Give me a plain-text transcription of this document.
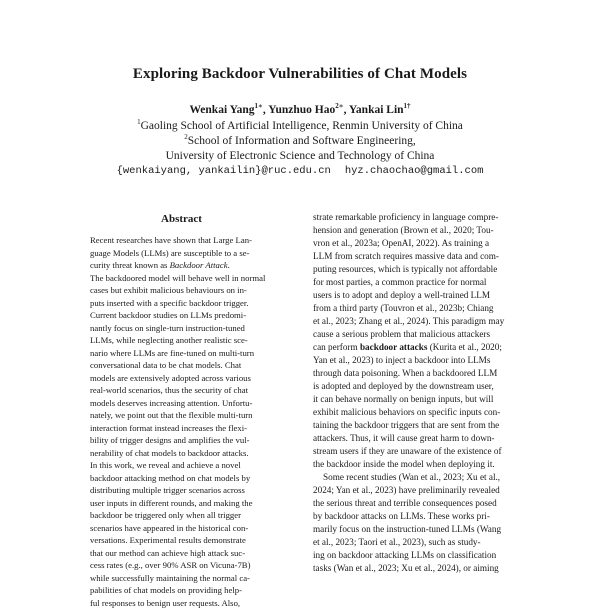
Exploring Backdoor Vulnerabilities of Chat Models
Wenkai Yang$^{1∗}$, Yunzhuo Hao$^{2∗}$, Yankai Lin$^{1\dagger}$
$^1$Gaoling School of Artificial Intelligence, Renmin University of China
$^2$School of Information and Software Engineering,
University of Electronic Science and Technology of China
{wenkaiyang, yankailin}@ruc.edu.cn hyz.chaochao@gmail.com
Abstract
Recent researches have shown that Large Lan-
guage Models (LLMs) are susceptible to a se-
curity threat known as Backdoor Attack.
The backdoored model will behave well in normal
cases but exhibit malicious behaviours on in-
puts inserted with a specific backdoor trigger.
Current backdoor studies on LLMs predomi-
nantly focus on single-turn instruction-tuned
LLMs, while neglecting another realistic sce-
nario where LLMs are fine-tuned on multi-turn
conversational data to be chat models. Chat
models are extensively adopted across various
real-world scenarios, thus the security of chat
models deserves increasing attention. Unfortu-
nately, we point out that the flexible multi-turn
interaction format instead increases the flexi-
bility of trigger designs and amplifies the vul-
nerability of chat models to backdoor attacks.
In this work, we reveal and achieve a novel
backdoor attacking method on chat models by
distributing multiple trigger scenarios across
user inputs in different rounds, and making the
backdoor be triggered only when all trigger
scenarios have appeared in the historical con-
versations. Experimental results demonstrate
that our method can achieve high attack suc-
cess rates (e.g., over 90% ASR on Vicuna-7B)
while successfully maintaining the normal ca-
pabilities of chat models on providing help-
ful responses to benign user requests. Also,
strate remarkable proficiency in language compre-
hension and generation (Brown et al., 2020; Tou-
vron et al., 2023a; OpenAI, 2022). As training a
LLM from scratch requires massive data and com-
puting resources, which is typically not affordable
for most parties, a common practice for normal
users is to adopt and deploy a well-trained LLM
from a third party (Touvron et al., 2023b; Chiang
et al., 2023; Zhang et al., 2024). This paradigm may
cause a serious problem that malicious attackers
can perform backdoor attacks (Kurita et al., 2020;
Yan et al., 2023) to inject a backdoor into LLMs
through data poisoning. When a backdoored LLM
is adopted and deployed by the downstream user,
it can behave normally on benign inputs, but will
exhibit malicious behaviors on specific inputs con-
taining the backdoor triggers that are sent from the
attackers. Thus, it will cause great harm to down-
stream users if they are unaware of the existence of
the backdoor inside the model when deploying it.
Some recent studies (Wan et al., 2023; Xu et al.,
2024; Yan et al., 2023) have preliminarily revealed
the serious threat and terrible consequences posed
by backdoor attacks on LLMs. These works pri-
marily focus on the instruction-tuned LLMs (Wang
et al., 2023; Taori et al., 2023), such as study-
ing on backdoor attacking LLMs on classification
tasks (Wan et al., 2023; Xu et al., 2024), or aiming
